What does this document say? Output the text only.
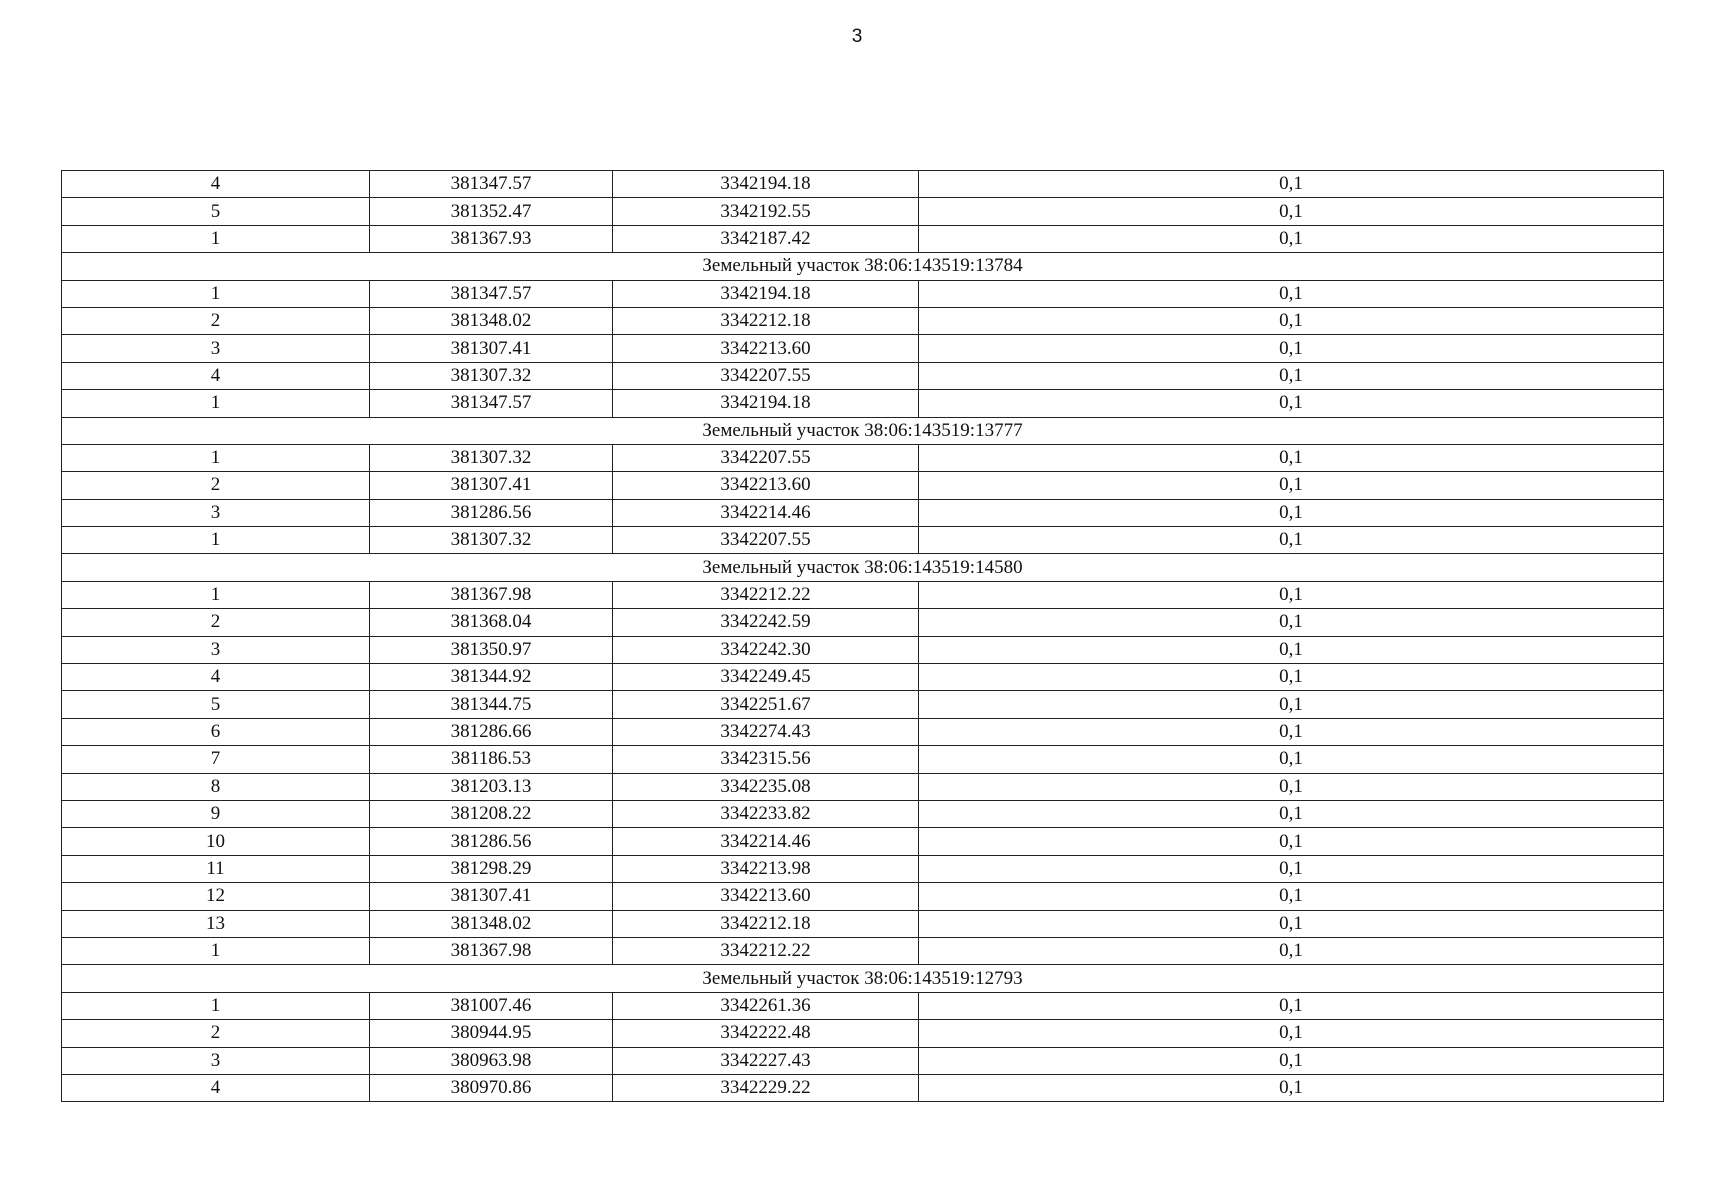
3
4	381347.57	3342194.18	0,1
5	381352.47	3342192.55	0,1
1	381367.93	3342187.42	0,1
Земельный участок 38:06:143519:13784			
1	381347.57	3342194.18	0,1
2	381348.02	3342212.18	0,1
3	381307.41	3342213.60	0,1
4	381307.32	3342207.55	0,1
1	381347.57	3342194.18	0,1
Земельный участок 38:06:143519:13777			
1	381307.32	3342207.55	0,1
2	381307.41	3342213.60	0,1
3	381286.56	3342214.46	0,1
1	381307.32	3342207.55	0,1
Земельный участок 38:06:143519:14580			
1	381367.98	3342212.22	0,1
2	381368.04	3342242.59	0,1
3	381350.97	3342242.30	0,1
4	381344.92	3342249.45	0,1
5	381344.75	3342251.67	0,1
6	381286.66	3342274.43	0,1
7	381186.53	3342315.56	0,1
8	381203.13	3342235.08	0,1
9	381208.22	3342233.82	0,1
10	381286.56	3342214.46	0,1
11	381298.29	3342213.98	0,1
12	381307.41	3342213.60	0,1
13	381348.02	3342212.18	0,1
1	381367.98	3342212.22	0,1
Земельный участок 38:06:143519:12793			
1	381007.46	3342261.36	0,1
2	380944.95	3342222.48	0,1
3	380963.98	3342227.43	0,1
4	380970.86	3342229.22	0,1
